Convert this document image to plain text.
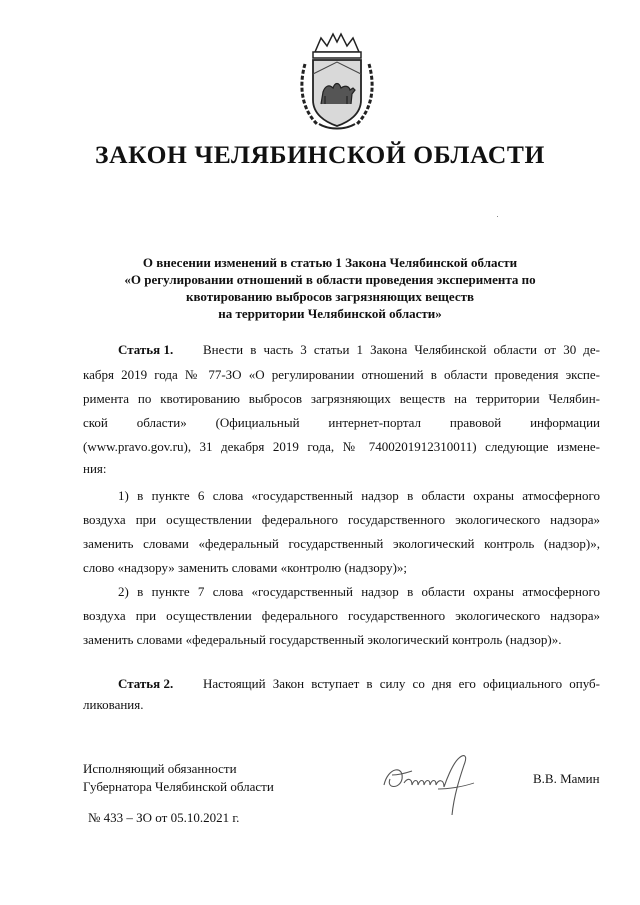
ЗАКОН ЧЕЛЯБИНСКОЙ ОБЛАСТИ
О внесении изменений в статью 1 Закона Челябинской области
«О регулировании отношений в области проведения эксперимента по
квотированию выбросов загрязняющих веществ
на территории Челябинской области»
Статья 1. Внести в часть 3 статьи 1 Закона Челябинской области от 30 де-
кабря 2019 года № 77-ЗО «О регулировании отношений в области проведения экспе-
римента по квотированию выбросов загрязняющих веществ на территории Челябин-
ской области» (Официальный интернет-портал правовой информации
(www.pravo.gov.ru), 31 декабря 2019 года, № 7400201912310011) следующие измене-
ния:
1) в пункте 6 слова «государственный надзор в области охраны атмосферного
воздуха при осуществлении федерального государственного экологического надзора»
заменить словами «федеральный государственный экологический контроль (надзор)»,
слово «надзору» заменить словами «контролю (надзору)»;
2) в пункте 7 слова «государственный надзор в области охраны атмосферного
воздуха при осуществлении федерального государственного экологического надзора»
заменить словами «федеральный государственный экологический контроль (надзор)».
Статья 2. Настоящий Закон вступает в силу со дня его официального опуб-
ликования.
Исполняющий обязанности
Губернатора Челябинской области
В.В. Мамин
№ 433 – ЗО от 05.10.2021 г.
